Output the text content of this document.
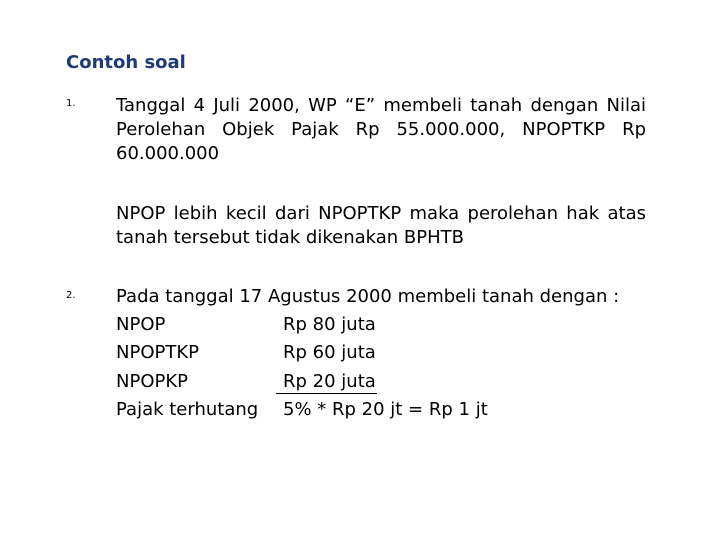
Contoh soal
1. Tanggal 4 Juli 2000, WP “E” membeli tanah dengan Nilai Perolehan Objek Pajak Rp 55.000.000, NPOPTKP Rp 60.000.000
NPOP lebih kecil dari NPOPTKP maka perolehan hak atas tanah tersebut tidak dikenakan BPHTB
2. Pada tanggal 17 Agustus 2000 membeli tanah dengan :
NPOP	Rp 80 juta
NPOPTKP	Rp 60 juta
NPOPKP	Rp 20 juta
Pajak terhutang 5% * Rp 20 jt = Rp 1 jt
